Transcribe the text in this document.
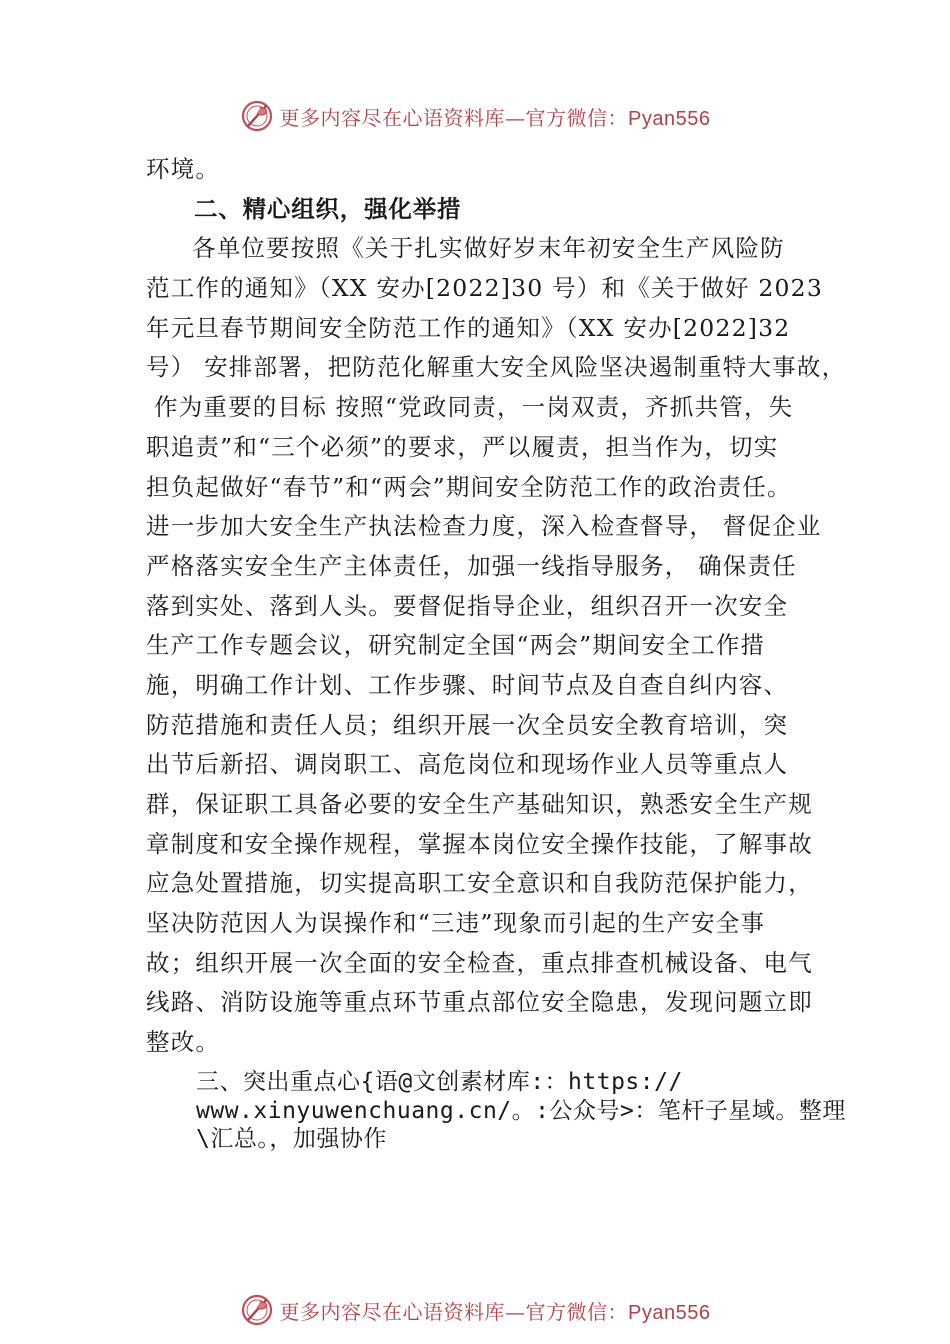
更多内容尽在心语资料库—官方微信：Pyan556
环境。
二、精心组织，强化举措
各单位要按照《关于扎实做好岁末年初安全生产风险防
范工作的通知》（XX 安办[2022]30 号）和《关于做好 2023
年元旦春节期间安全防范工作的通知》（XX 安办[2022]32
号） 安排部署，把防范化解重大安全风险坚决遏制重特大事故，
作为重要的目标 按照“党政同责，一岗双责，齐抓共管，失
职追责”和“三个必须”的要求，严以履责，担当作为，切实
担负起做好“春节”和“两会”期间安全防范工作的政治责任。
进一步加大安全生产执法检查力度，深入检查督导， 督促企业
严格落实安全生产主体责任，加强一线指导服务， 确保责任
落到实处、落到人头。要督促指导企业，组织召开一次安全
生产工作专题会议，研究制定全国“两会”期间安全工作措
施，明确工作计划、工作步骤、时间节点及自查自纠内容、
防范措施和责任人员；组织开展一次全员安全教育培训，突
出节后新招、调岗职工、高危岗位和现场作业人员等重点人
群，保证职工具备必要的安全生产基础知识，熟悉安全生产规
章制度和安全操作规程，掌握本岗位安全操作技能，了解事故
应急处置措施，切实提高职工安全意识和自我防范保护能力，
坚决防范因人为误操作和“三违”现象而引起的生产安全事
故；组织开展一次全面的安全检查，重点排查机械设备、电气
线路、消防设施等重点环节重点部位安全隐患，发现问题立即
整改。
三、突出重点心{语@文创素材库:：https://
www.xinyuwenchuang.cn/。:公众号>：笔杆子星域。整理
\汇总。，加强协作
更多内容尽在心语资料库—官方微信：Pyan556
